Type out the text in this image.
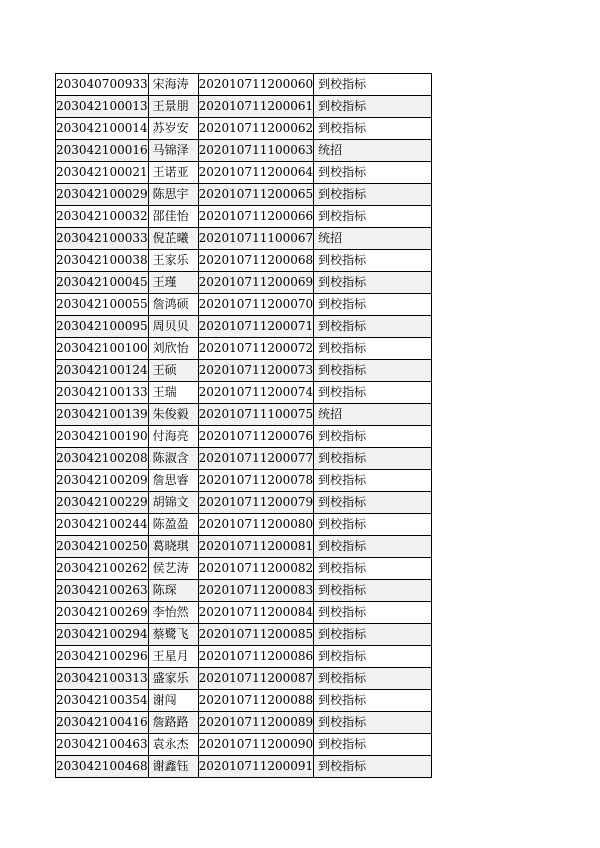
203040700933	宋海涛	202010711200060	到校指标
203042100013	王景朋	202010711200061	到校指标
203042100014	苏岁安	202010711200062	到校指标
203042100016	马锦泽	202010711100063	统招
203042100021	王诺亚	202010711200064	到校指标
203042100029	陈思宇	202010711200065	到校指标
203042100032	邵佳怡	202010711200066	到校指标
203042100033	倪芷曦	202010711100067	统招
203042100038	王家乐	202010711200068	到校指标
203042100045	王瑾	202010711200069	到校指标
203042100055	詹鸿硕	202010711200070	到校指标
203042100095	周贝贝	202010711200071	到校指标
203042100100	刘欣怡	202010711200072	到校指标
203042100124	王硕	202010711200073	到校指标
203042100133	王瑞	202010711200074	到校指标
203042100139	朱俊毅	202010711100075	统招
203042100190	付海亮	202010711200076	到校指标
203042100208	陈淑含	202010711200077	到校指标
203042100209	詹思睿	202010711200078	到校指标
203042100229	胡锦文	202010711200079	到校指标
203042100244	陈盈盈	202010711200080	到校指标
203042100250	葛晓琪	202010711200081	到校指标
203042100262	侯艺涛	202010711200082	到校指标
203042100263	陈琛	202010711200083	到校指标
203042100269	李怡然	202010711200084	到校指标
203042100294	蔡鹭飞	202010711200085	到校指标
203042100296	王星月	202010711200086	到校指标
203042100313	盛家乐	202010711200087	到校指标
203042100354	谢闯	202010711200088	到校指标
203042100416	詹路路	202010711200089	到校指标
203042100463	袁永杰	202010711200090	到校指标
203042100468	谢鑫钰	202010711200091	到校指标
